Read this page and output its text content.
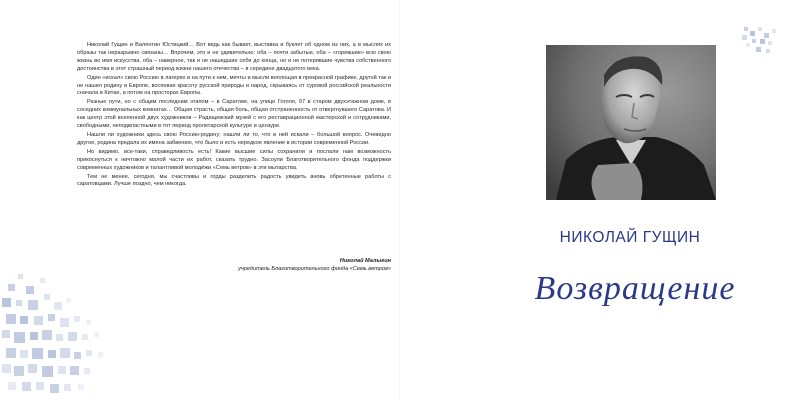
Николай Гущин и Валентин Юстицкий… Вот ведь как бывает, выставка и буклет об одном из них, а в мыслях их образы так неразрывно связаны… Впрочем, это и не удивительно: оба – почти забытые, оба – «горевшие» всю свою жизнь во имя искусства, оба – наверное, так и не нашедшие себя до конца, но и не потерявшие чувства собственного достоинства в этот страшный период жизни нашего отечества – в середине двадцатого века.

Один «искал» свою Россию в лагерях и на пути к ним, мечты и мысли воплощая в прекрасной графике, другой так и не нашел родину в Европе, воспевая красоту русской природы и народ, скрываясь от суровой российской реальности сначала в Китае, а потом на просторах Европы.

Разные пути, но с общим последним этапом – в Саратове, на улице Гоголя, 97 в старом двухэтажном доме, в соседних коммунальных комнатах… Общая страсть, общая боль, общая отстраненность от отвергнувшего Саратова. И как центр этой вселенной двух художников – Радищевский музей с его реставрационной мастерской и сотрудниками, свободными, неподвластными в тот период пролетарской культуре и цензуре.

Нашли ли художники здесь свою Россию-родину; нашли ли то, что в ней искали – большой вопрос. Очевидно другое, родина предала их имена забвению, что было и есть нередкое явление в истории современной России.

Но видимо, все-таки, справедливость есть! Какие высшие силы сохранили и послали нам возможность прикоснуться к ничтожно малой части их работ, сказать трудно. Засоули Благотворительного фонда поддержки современных художников и талантливой молодёжи «Семь ветров» в эти мытарства.

Тем не менее, сегодня, мы счастливы и горды разделить радость увидеть вновь обретенные работы с саратовцами. Лучше поздно, чем никогда.

Николай Малыгин
учредитель Благотворительного фонда «Семь ветров»
НИКОЛАЙ ГУЩИН
Возвращение
